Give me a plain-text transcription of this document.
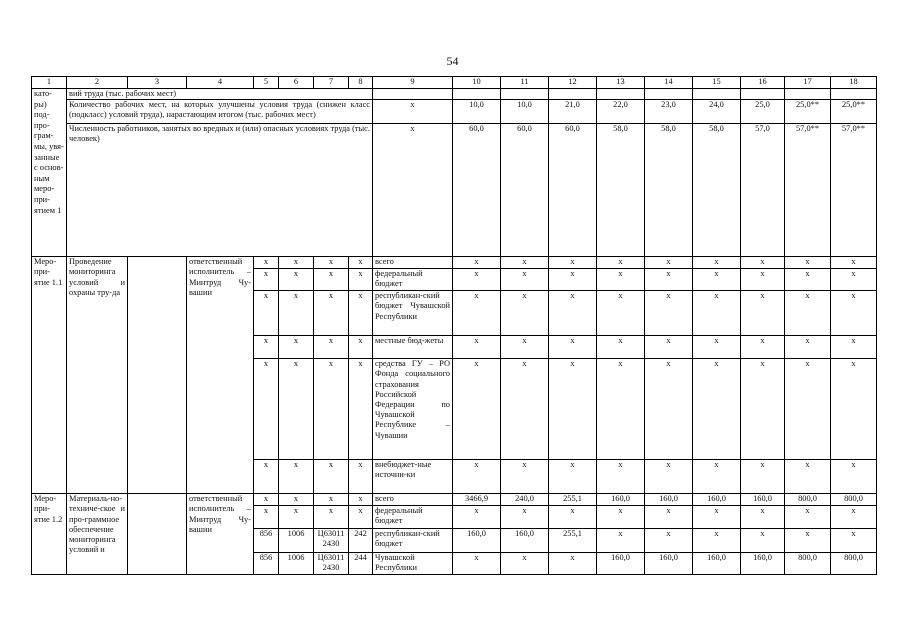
54
1	2	3	4	5	6	7	8	9	10	11	12	13	14	15	16	17	18
като-ры) под-про-грам-мы, увя-занные с основ-ным меро-при-ятием 1	вий труда (тыс. рабочих мест)																
	Количество рабочих мест, на которых улучшены условия труда (снижен класс (подкласс) условий труда), нарастающим итогом (тыс. рабочих мест)							x	10,0	10,0	21,0	22,0	23,0	24,0	25,0	25,0**	25,0**
	Численность работников, занятых во вредных и (или) опасных условиях труда (тыс. человек)							x	60,0	60,0	60,0	58,0	58,0	58,0	57,0	57,0**	57,0**
Меро-при-ятие 1.1	Проведение мониторинга условий и охраны тру-да		ответственный исполнитель – Минтруд Чу-вашии	x	x	x	x	всего	x	x	x	x	x	x	x	x	x
				x	x	x	x	федеральный бюджет	x	x	x	x	x	x	x	x	x
				x	x	x	x	республикан-ский бюджет Чувашской Республики	x	x	x	x	x	x	x	x	x
				x	x	x	x	местные бюд-жеты	x	x	x	x	x	x	x	x	x
				x	x	x	x	средства ГУ – РО Фонда социального страхования Российской Федерации по Чувашской Республике – Чувашии	x	x	x	x	x	x	x	x	x
				x	x	x	x	внебюджет-ные источни-ки	x	x	x	x	x	x	x	x	x
Меро-при-ятие 1.2	Материаль-но-техниче-ское и про-граммное обеспечение мониторинга условий и		ответственный исполнитель – Минтруд Чу-вашии	x	x	x	x	всего	3466,9	240,0	255,1	160,0	160,0	160,0	160,0	800,0	800,0
				x	x	x	x	федеральный бюджет	x	x	x	x	x	x	x	x	x
				856	1006	Ц63011 2430	242	республикан-ский бюджет	160,0	160,0	255,1	x	x	x	x	x	x
				856	1006	Ц63011 2430	244	Чувашской Республики	x	x	x	160,0	160,0	160,0	160,0	800,0	800,0
